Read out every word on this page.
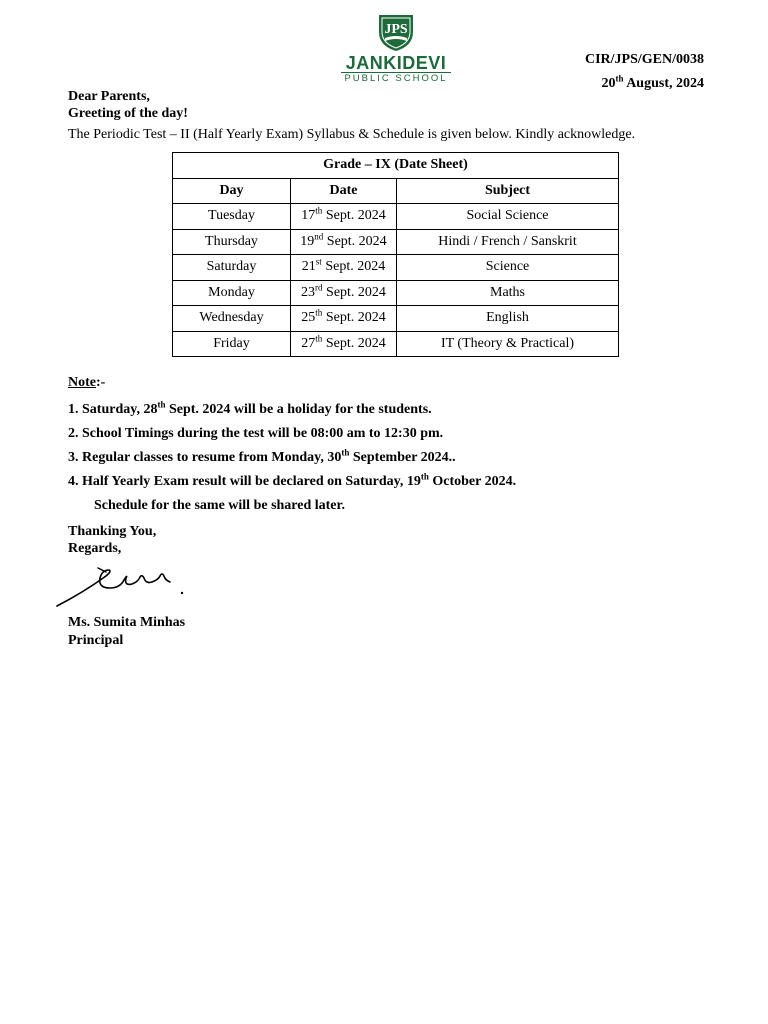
JPS
JANKIDEVI
PUBLIC SCHOOL
CIR/JPS/GEN/0038
20th August, 2024
Dear Parents,
Greeting of the day!
The Periodic Test – II (Half Yearly Exam) Syllabus & Schedule is given below. Kindly acknowledge.
Grade – IX (Date Sheet)		
Day	Date	Subject
Tuesday	17th Sept. 2024	Social Science
Thursday	19nd Sept. 2024	Hindi / French / Sanskrit
Saturday	21st Sept. 2024	Science
Monday	23rd Sept. 2024	Maths
Wednesday	25th Sept. 2024	English
Friday	27th Sept. 2024	IT (Theory & Practical)
Note:-
1. Saturday, 28th Sept. 2024 will be a holiday for the students.
2. School Timings during the test will be 08:00 am to 12:30 pm.
3. Regular classes to resume from Monday, 30th September 2024..
4. Half Yearly Exam result will be declared on Saturday, 19th October 2024.
Schedule for the same will be shared later.
Thanking You,
Regards,
Ms. Sumita Minhas
Principal
